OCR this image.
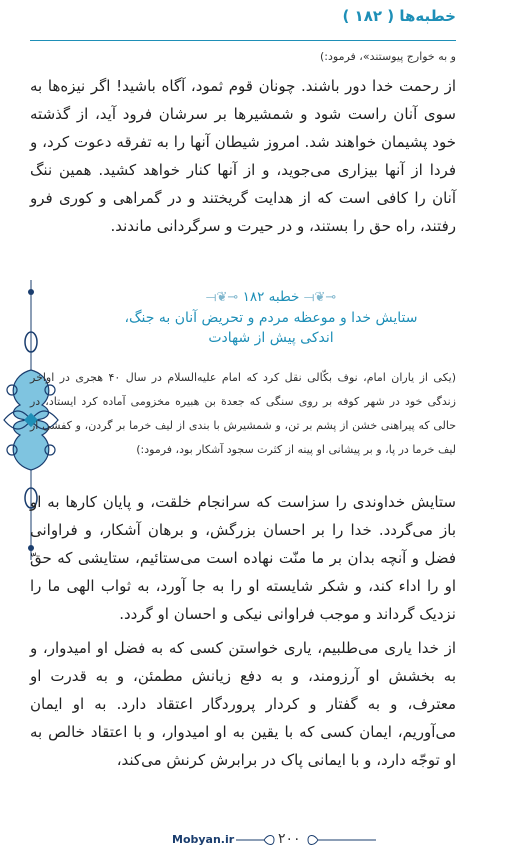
خطبه‌ها ( ۱۸۲ )
و به خوارج پیوستند»، فرمود:)
از رحمت خدا دور باشند. چونان قوم ثمود، آگاه باشید! اگر نیزه‌ها به سوی آنان راست شود و شمشیرها بر سرشان فرود آید، از گذشته خود پشیمان خواهند شد. امروز شیطان آنها را به تفرقه دعوت کرد، و فردا از آنها بیزاری می‌جوید، و از آنها کنار خواهد کشید. همین ننگ آنان را کافی است که از هدایت گریختند و در گمراهی و کوری فرو رفتند، راه حق را بستند، و در حیرت و سرگردانی ماندند.
⟜❦⟝ خطبه ۱۸۲ ⟜❦⟝
ستایش خدا و موعظه مردم و تحریض آنان به جنگ،
اندکی پیش از شهادت
(یکی از یاران امام، نوف بکّالی نقل کرد که امام علیه‌السلام در سال ۴۰ هجری در اواخر زندگی خود در شهر کوفه بر روی سنگی که جعدة بن هبیره مخزومی آماده کرد ایستاد، در حالی که پیراهنی خشن از پشم بر تن، و شمشیرش با بندی از لیف خرما بر گردن، و کفشی از لیف خرما در پا، و بر پیشانی او پینه از کثرت سجود آشکار بود، فرمود:)
ستایش خداوندی را سزاست که سرانجام خلقت، و پایان کارها به او باز می‌گردد. خدا را بر احسان بزرگش، و برهان آشکار، و فراوانی فضل و آنچه بدان بر ما منّت نهاده است می‌ستائیم، ستایشی که حقّ او را اداء کند، و شکر شایسته او را به جا آورد، به ثواب الهی ما را نزدیک گرداند و موجب فراوانی نیکی و احسان او گردد.
از خدا یاری می‌طلبیم، یاری خواستن کسی که به فضل او امیدوار، و به بخشش او آرزومند، و به دفع زیانش مطمئن، و به قدرت او معترف، و به گفتار و کردار پروردگار اعتقاد دارد. به او ایمان می‌آوریم، ایمان کسی که با یقین به او امیدوار، و با اعتقاد خالص به او توجّه دارد، و با ایمانی پاک در برابرش کرنش می‌کند،
Mobyan.ir	۲۰۰
